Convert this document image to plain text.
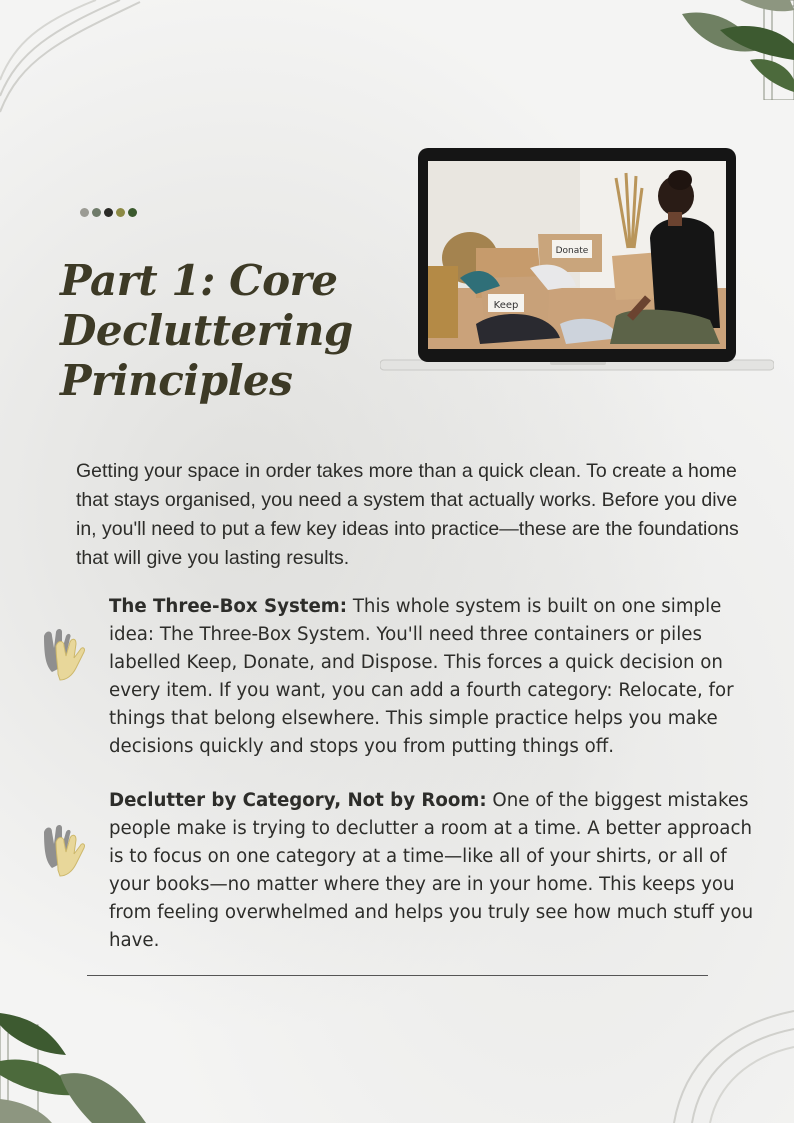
Part 1: Core
Decluttering
Principles
Keep
Donate

Getting your space in order takes more than a quick clean. To create a home that stays organised, you need a system that actually works. Before you dive in, you'll need to put a few key ideas into practice—these are the foundations that will give you lasting results.

The Three-Box System: This whole system is built on one simple idea: The Three-Box System. You'll need three containers or piles labelled Keep, Donate, and Dispose. This forces a quick decision on every item. If you want, you can add a fourth category: Relocate, for things that belong elsewhere. This simple practice helps you make decisions quickly and stops you from putting things off.

Declutter by Category, Not by Room: One of the biggest mistakes people make is trying to declutter a room at a time. A better approach is to focus on one category at a time—like all of your shirts, or all of your books—no matter where they are in your home. This keeps you from feeling overwhelmed and helps you truly see how much stuff you have.
